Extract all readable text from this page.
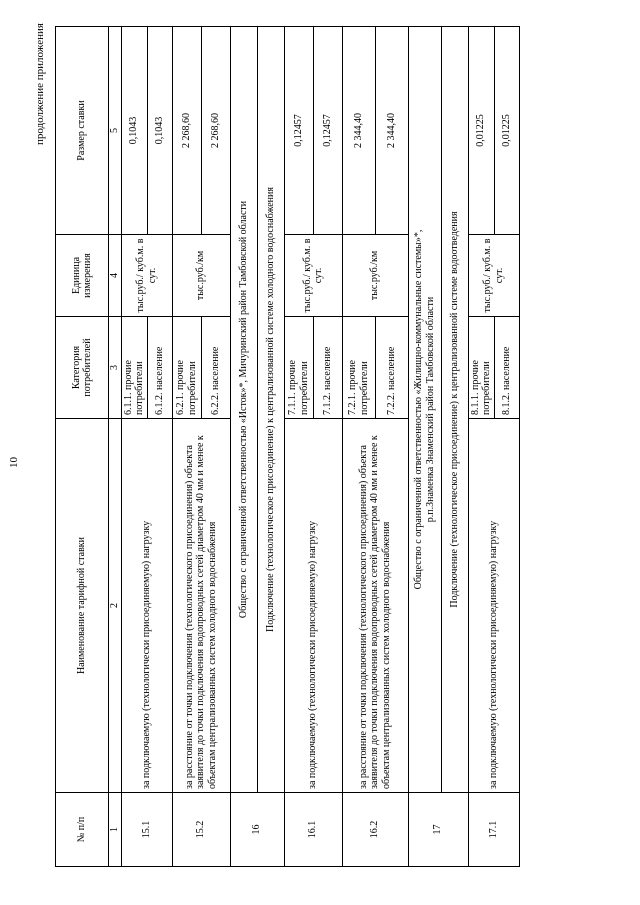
10
продолжение приложения
№ п/п	Наименование тарифной ставки	Категория потребителей	Единица измерения	Размер ставки
1	2	3	4	5
15.1	за подключаемую (технологически присоединяемую) нагрузку	6.1.1. прочие потребители	тыс.руб./ куб.м. в сут.	0,1043
		6.1.2. население		0,1043
15.2	за расстояние от точки подключения (технологического присоединения) объекта заявителя до точки подключения водопроводных сетей диаметром 40 мм и менее к объектам централизованных систем холодного водоснабжения	6.2.1. прочие потребители	тыс.руб./км	2 268,60
		6.2.2. население		2 268,60
16	Общество с ограниченной ответственностью «Исток»*, Мичуринский район Тамбовской области			
	Подключение (технологическое присоединение) к централизованной системе холодного водоснабжения			
16.1	за подключаемую (технологически присоединяемую) нагрузку	7.1.1. прочие потребители	тыс.руб./ куб.м. в сут.	0,12457
		7.1.2. население		0,12457
16.2	за расстояние от точки подключения (технологического присоединения) объекта заявителя до точки подключения водопроводных сетей диаметром 40 мм и менее к объектам централизованных систем холодного водоснабжения	7.2.1. прочие потребители	тыс.руб./км	2 344,40
		7.2.2. население		2 344,40
17	Общество с ограниченной ответственностью «Жилищно-коммунальные системы»*, р.п.Знаменка Знаменский район Тамбовской области			

	Подключение (технологическое присоединение) к централизованной системе водоотведения			
17.1	за подключаемую (технологически присоединяемую) нагрузку	8.1.1. прочие потребители	тыс.руб./ куб.м. в сут.	0,01225
		8.1.2. население		0,01225
